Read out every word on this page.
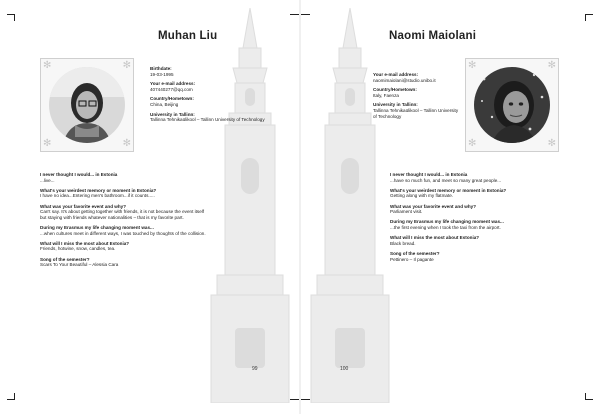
Muhan Liu
✻	✻
✻	✻
Birthdate:
19-03-1995
Your e-mail address:
407440277@qq.com
Country/Hometown:
China, Beijing
University in Tallinn:
Tallinna Tehnikaülikool – Tallinn University of Technology
I never thought I would... in Estonia
...live...
What's your weirdest memory or moment in Estonia?
I have no idea...Entering men's bathroom...if it counts.....
What was your favorite event and why?
Can't say. It's about getting together with friends, it is not because the event itself but staying with friends whatever nationalities – that is my favorite part.
During my Erasmus my life changing moment was...
...when cultures meet in different ways, I was touched by thoughts of the collision.
What will I miss the most about Estonia?
Friends, hotwine, snow, candles, tea.
Song of the semester?
Scars To Your Beautiful – Alessia Cara
99
Naomi Maiolani
Your e-mail address:
naomimaiolani@studio.unibo.it
Country/Hometown:
Italy, Faenza
University in Tallinn:
Tallinna Tehnikaülikool – Tallinn University of Technology
✻	✻
✻	✻
I never thought I would... in Estonia
...have so much fun, and meet so many great people...
What's your weirdest memory or moment in Estonia?
Getting along with my flatmate.
What was your favorite event and why?
Parliament visit.
During my Erasmus my life changing moment was...
...the first evening when I took the taxi from the airport.
What will I miss the most about Estonia?
Black bread.
Song of the semester?
Pettinero – Il pagante
100
